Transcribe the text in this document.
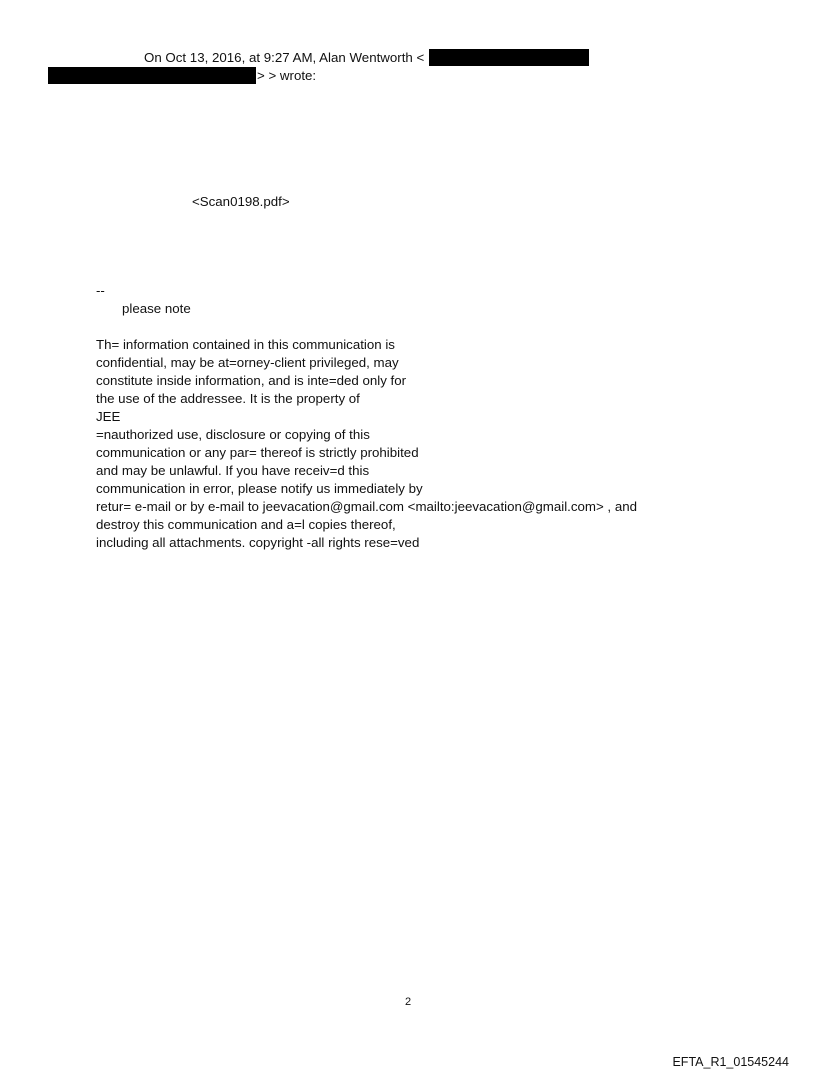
On Oct 13, 2016, at 9:27 AM, Alan Wentworth <
> > wrote:
<Scan0198.pdf>
--
please note
Th= information contained in this communication is
confidential, may be at=orney-client privileged, may
constitute inside information, and is inte=ded only for
the use of the addressee. It is the property of
JEE
=nauthorized use, disclosure or copying of this
communication or any par= thereof is strictly prohibited
and may be unlawful. If you have receiv=d this
communication in error, please notify us immediately by
retur= e-mail or by e-mail to jeevacation@gmail.com <mailto:jeevacation@gmail.com> , and
destroy this communication and a=l copies thereof,
including all attachments. copyright -all rights rese=ved
2
EFTA_R1_01545244
